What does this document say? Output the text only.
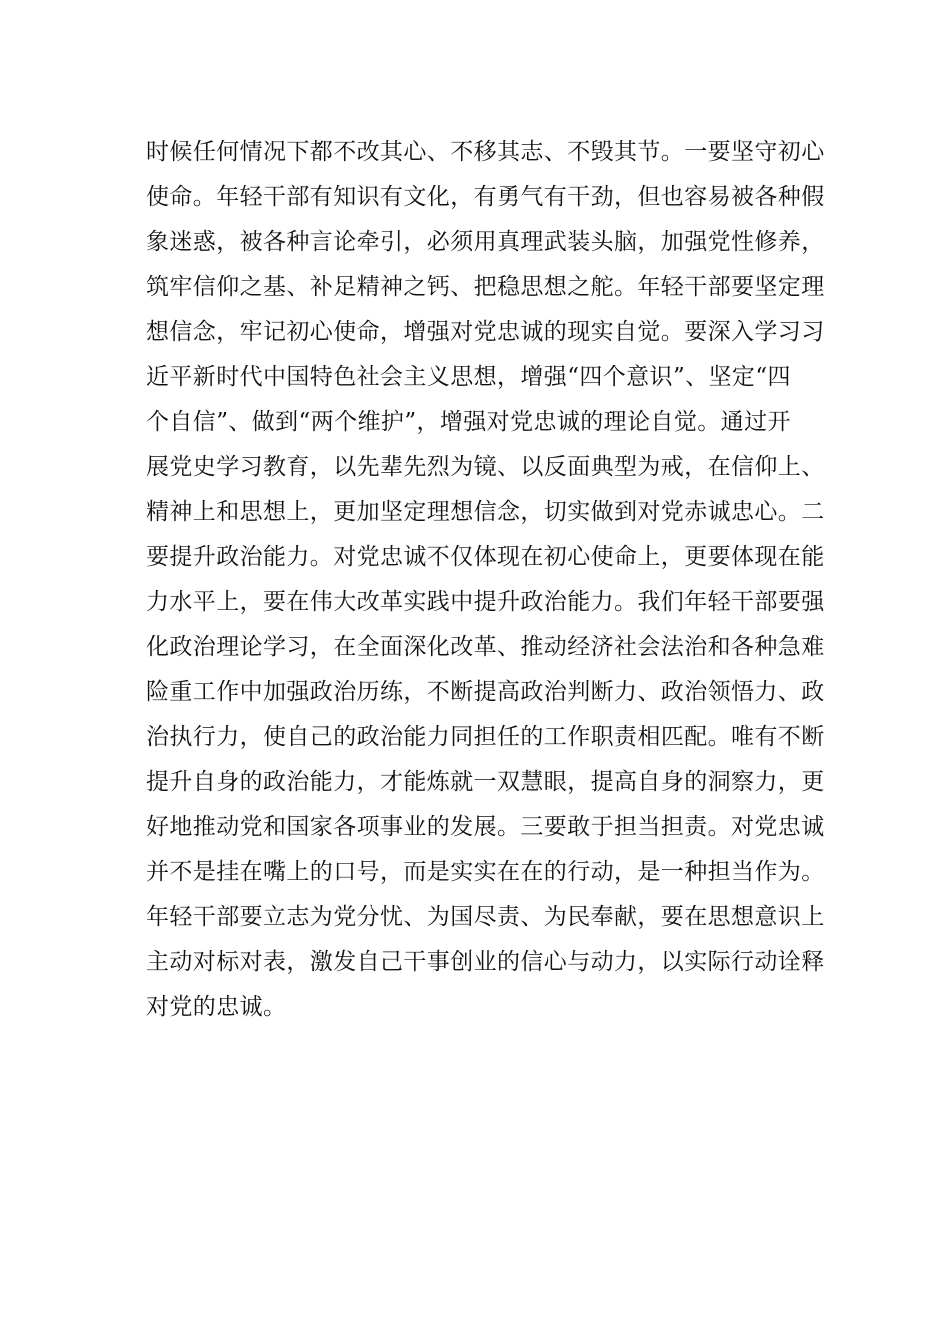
时候任何情况下都不改其心、不移其志、不毁其节。一要坚守初心
使命。年轻干部有知识有文化，有勇气有干劲，但也容易被各种假
象迷惑，被各种言论牵引，必须用真理武装头脑，加强党性修养，
筑牢信仰之基、补足精神之钙、把稳思想之舵。年轻干部要坚定理
想信念，牢记初心使命，增强对党忠诚的现实自觉。要深入学习习
近平新时代中国特色社会主义思想，增强“四个意识”、坚定“四
个自信”、做到“两个维护”，增强对党忠诚的理论自觉。通过开
展党史学习教育，以先辈先烈为镜、以反面典型为戒，在信仰上、
精神上和思想上，更加坚定理想信念，切实做到对党赤诚忠心。二
要提升政治能力。对党忠诚不仅体现在初心使命上，更要体现在能
力水平上，要在伟大改革实践中提升政治能力。我们年轻干部要强
化政治理论学习，在全面深化改革、推动经济社会法治和各种急难
险重工作中加强政治历练，不断提高政治判断力、政治领悟力、政
治执行力，使自己的政治能力同担任的工作职责相匹配。唯有不断
提升自身的政治能力，才能炼就一双慧眼，提高自身的洞察力，更
好地推动党和国家各项事业的发展。三要敢于担当担责。对党忠诚
并不是挂在嘴上的口号，而是实实在在的行动，是一种担当作为。
年轻干部要立志为党分忧、为国尽责、为民奉献，要在思想意识上
主动对标对表，激发自己干事创业的信心与动力，以实际行动诠释
对党的忠诚。
